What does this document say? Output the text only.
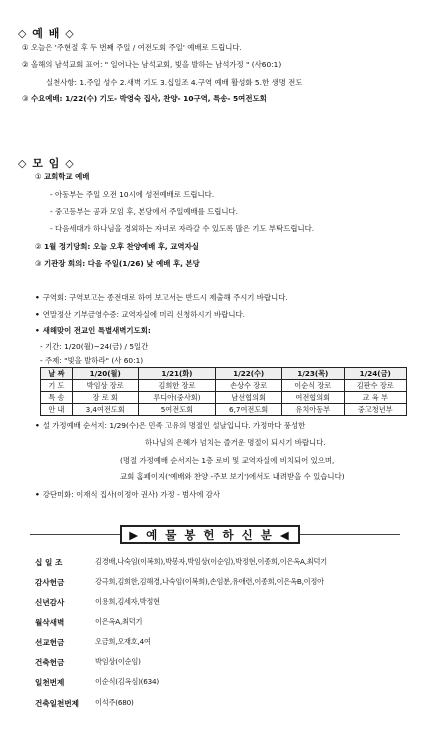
◇ 예 배 ◇
① 오늘은 '주현절 후 두 번째 주일 / 여전도회 주일' 예배로 드립니다.
② 올해의 남석교회 표어: " 일어나는 남석교회, 빛을 발하는 남석가정 " (사60:1)
실천사항: 1.주일 성수 2.새벽 기도 3.십일조 4.구역 예배 활성화 5.한 생명 전도
③ 수요예배: 1/22(수) 기도- 박영숙 집사, 찬양- 10구역, 특송- 5여전도회
◇ 모 임 ◇
① 교회학교 예배
- 아동부는 주일 오전 10시에 성전예배로 드립니다.
- 중고등부는 공과 모임 후, 본당에서 주일예배를 드립니다.
- 다음세대가 하나님을 경외하는 자녀로 자라갈 수 있도록 많은 기도 부탁드립니다.
② 1월 정기당회: 오늘 오후 찬양예배 후, 교역자실
③ 기관장 회의: 다음 주일(1/26) 낮 예배 후, 본당
• 구역회: 구역보고는 종전대로 하여 보고서는 반드시 제출해 주시기 바랍니다.
• 연말정산 기부금영수증: 교역자실에 미리 신청하시기 바랍니다.
• 새해맞이 전교인 특별새벽기도회:
- 기간: 1/20(월)~24(금) / 5일간
- 주제: "빛을 발하라" (사 60:1)
날 짜	1/20(월)	1/21(화)	1/22(수)	1/23(목)	1/24(금)
기 도	박임상 장로	김희한 장로	손상수 장로	이순식 장로	김판수 장로
특 송	장 로 회	루디아(중사회)	남선협의회	여전협의회	교 육 부
안 내	3,4여전도회	5여전도회	6,7여전도회	유치아동부	중고청년부
• 설 가정예배 순서지: 1/29(수)은 민족 고유의 명절인 설날입니다. 가정마다 풍성한
하나님의 은혜가 넘치는 즐거운 명절이 되시기 바랍니다.
(명절 가정예배 순서지는 1층 로비 및 교역자실에 비치되어 있으며,
교회 홈페이지('예배와 찬양 -주보 보기')에서도 내려받을 수 있습니다)
• 강단미화: 이재식 집사(이정아 권사) 가정 - 범사에 감사
▶ 예 물 봉 헌 하 신 분 ◀
십 일 조	김경배,나숙임(이복희),박봉자,박임상(이순임),박정현,이종희,이은옥A,최덕기
감사헌금	강극희,김희한,김해경,나숙임(이복희),손임분,유애련,이종희,이은옥B,이정아
신년감사	이용희,김세자,박정현
월삭새벽	이은옥A,최덕기
선교헌금	오금희,오재호,4여
건축헌금	박임상(이순임)
일천번제	이순식(김옥심)(634)
건축일천번제	이석주(680)
